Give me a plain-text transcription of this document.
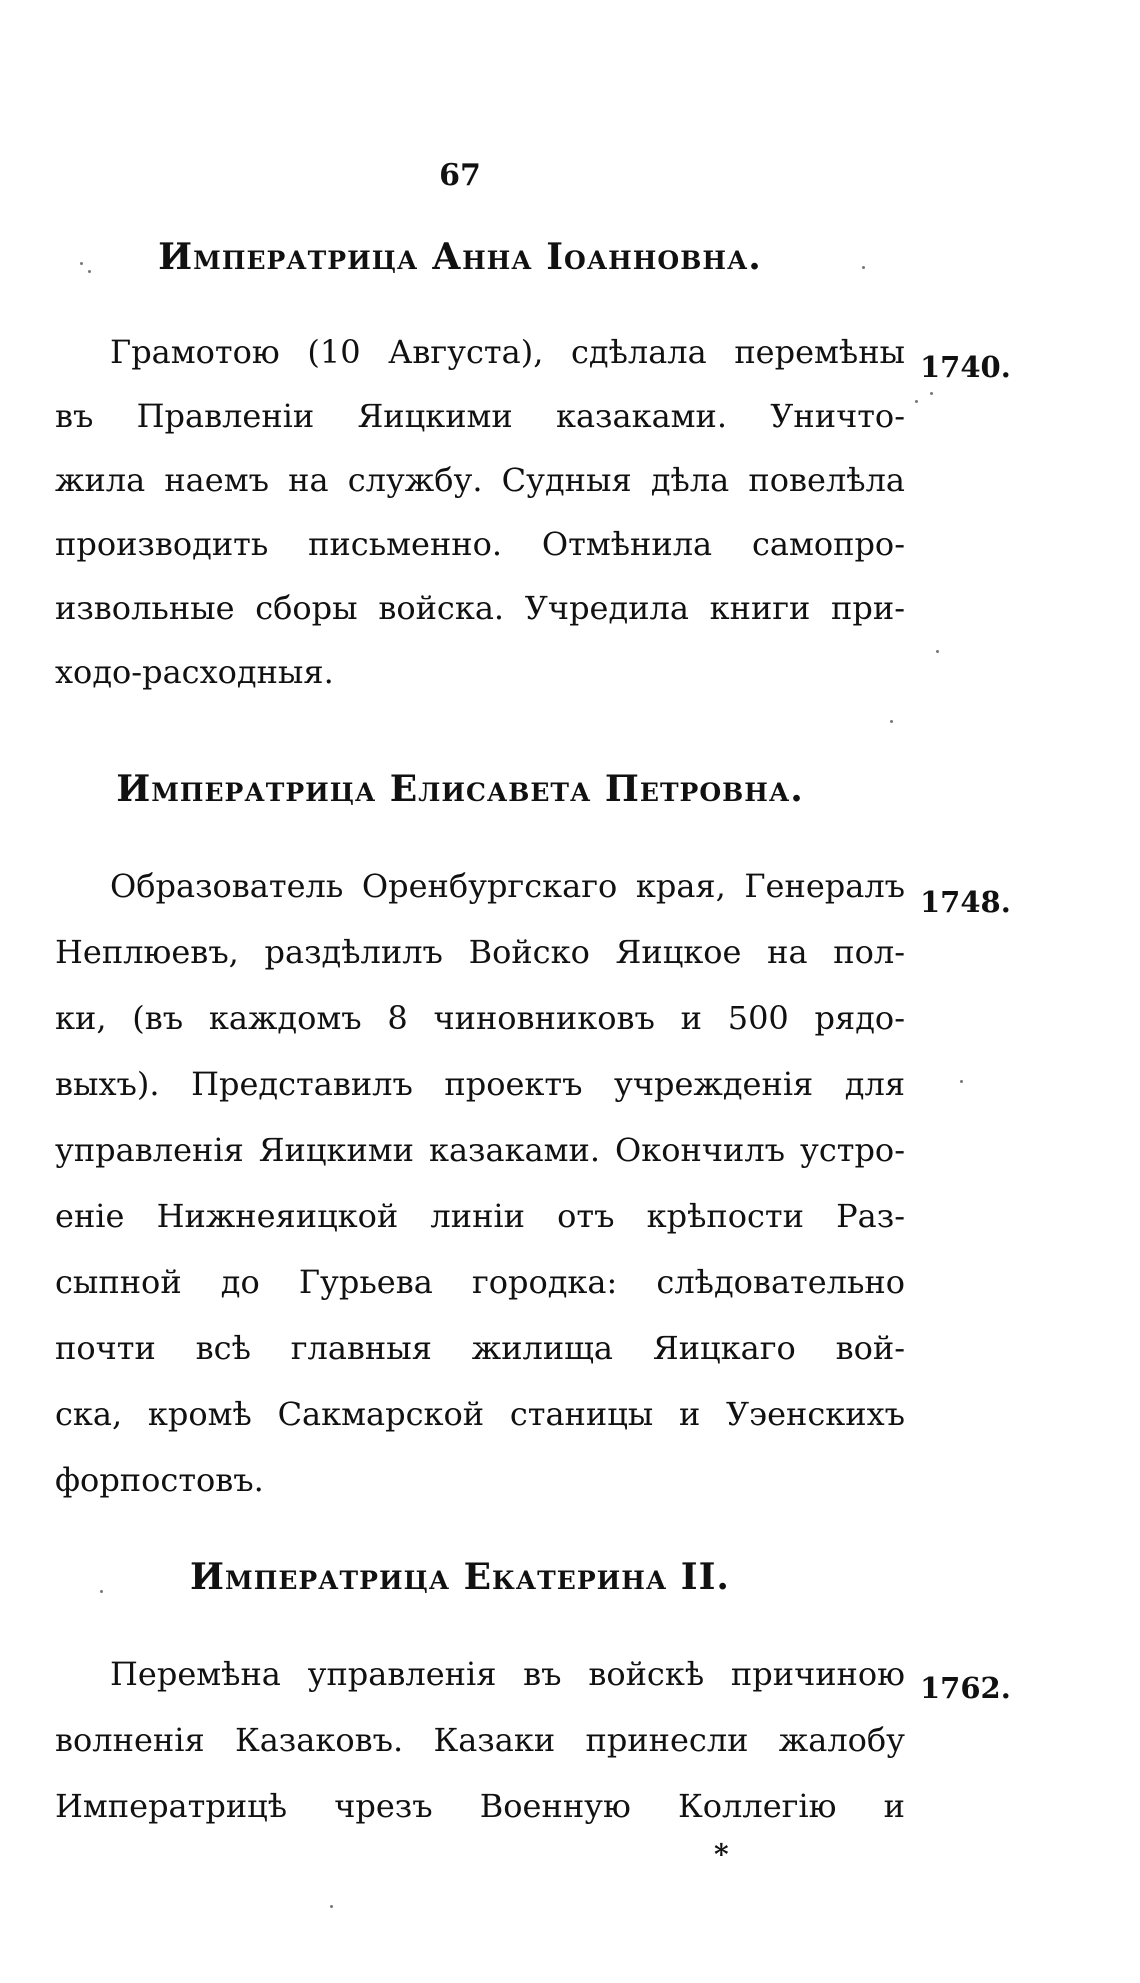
67
Императрица Анна Іоанновна.
1740.
Грамотою (10 Августа), сдѣлала перемѣны
въ Правленіи Яицкими казаками. Уничто-
жила наемъ на службу. Судныя дѣла повелѣла
производить письменно. Отмѣнила самопро-
извольные сборы войска. Учредила книги при-
ходо-расходныя.
Императрица Елисавета Петровна.
1748.
Образователь Оренбургскаго края, Генералъ
Неплюевъ, раздѣлилъ Войско Яицкое на пол-
ки, (въ каждомъ 8 чиновниковъ и 500 рядо-
выхъ). Представилъ проектъ учрежденія для
управленія Яицкими казаками. Окончилъ устро-
еніе Нижнеяицкой линіи отъ крѣпости Раз-
сыпной до Гурьева городка: слѣдовательно
почти всѣ главныя жилища Яицкаго вой-
ска, кромѣ Сакмарской станицы и Уэенскихъ
форпостовъ.
Императрица Екатерина II.
1762.
Перемѣна управленія въ войскѣ причиною
волненія Казаковъ. Казаки принесли жалобу
Императрицѣ чрезъ Военную Коллегію и
*
